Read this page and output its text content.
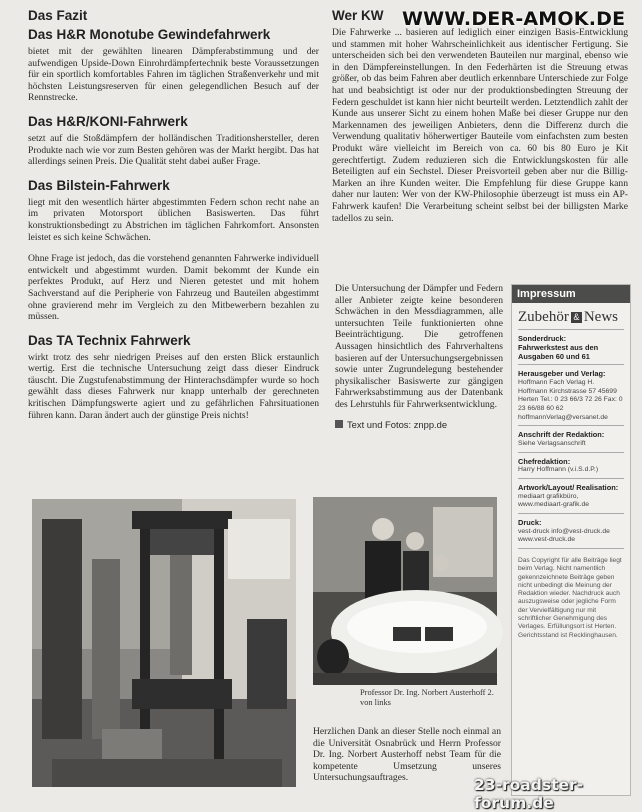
Das Fazit
Das H&R Monotube Gewindefahrwerk

bietet mit der gewählten linearen Dämpferabstimmung und der aufwendigen Upside-Down Einrohrdämpfertechnik beste Voraussetzungen für ein sportlich komfortables Fahren im täglichen Straßenverkehr und mit höchsten Leistungsreserven für einen gelegendlichen Besuch auf der Rennstrecke.

Das H&R/KONI-Fahrwerk

setzt auf die Stoßdämpfern der holländischen Traditionshersteller, deren Produkte nach wie vor zum Besten gehören was der Markt hergibt. Das hat allerdings seinen Preis. Die Qualität steht dabei außer Frage.

Das Bilstein-Fahrwerk

liegt mit den wesentlich härter abgestimmten Federn schon recht nahe an im privaten Motorsport üblichen Basiswerten. Das führt konstruktionsbedingt zu Abstrichen im täglichen Fahrkomfort. Ansonsten leistet es sich keine Schwächen.

Ohne Frage ist jedoch, das die vorstehend genannten Fahrwerke individuell entwickelt und abgestimmt wurden. Damit bekommt der Kunde ein perfektes Produkt, auf Herz und Nieren getestet und mit hohem Sachverstand auf die Peripherie von Fahrzeug und Bauteilen abgestimmt ohne gravierend mehr im Vergleich zu den Mitbewerbern bezahlen zu müssen.

Das TA Technix Fahrwerk

wirkt trotz des sehr niedrigen Preises auf den ersten Blick erstaunlich wertig. Erst die technische Untersuchung zeigt dass dieser Eindruck täuscht. Die Zugstufenabstimmung der Hinterachsdämpfer wurde so hoch gewählt dass dieses Fahrwerk nur knapp unterhalb der gerechneten kritischen Dämpfungswerte agiert und zu gefährlichen Fahrsituationen führen kann. Daran ändert auch der günstige Preis nichts!

Wer KW

Die Fahrwerke ... basieren auf lediglich einer einzigen Basis-Entwicklung und stammen mit hoher Wahrscheinlichkeit aus identischer Fertigung. Sie unterscheiden sich bei den verwendeten Bauteilen nur marginal, ebenso wie in den Dämpfereinstellungen. In den Federhärten ist die Streuung etwas größer, ob das beim Fahren aber deutlich erkennbare Unterschiede zur Folge hat und beabsichtigt ist oder nur der produktionsbedingten Streuung der Federn geschuldet ist kann hier nicht beurteilt werden. Letztendlich zahlt der Kunde aus unserer Sicht zu einem hohen Maße bei dieser Gruppe nur den Markennamen des jeweiligen Anbieters, denn die Differenz durch die Verwendung qualitativ höherwertiger Bauteile vom einfachsten zum besten Produkt wäre vielleicht im Bereich von ca. 60 bis 80 Euro je Kit gerechtfertigt. Zudem reduzieren sich die Entwicklungskosten für alle Beteiligten auf ein Sechstel. Dieser Preisvorteil geben aber nur die Billig-Marken an ihre Kunden weiter. Die Empfehlung für diese Gruppe kann daher nur lauten: Wer von der KW-Philosophie überzeugt ist muss ein AP-Fahrwerk kaufen! Die Verarbeitung scheint selbst bei der billigsten Marke tadellos zu sein.

WWW.DER-AMOK.DE

Die Untersuchung der Dämpfer und Federn aller Anbieter zeigte keine besonderen Schwächen in den Messdiagrammen, alle untersuchten Teile funktionierten ohne Beeinträchtigung. Die getroffenen Aussagen hinsichtlich des Fahrverhaltens basieren auf der Untersuchungsergebnissen sowie unter Zugrundelegung bestehender physikalischer Basiswerte zur gängigen Fahrwerksabstimmung aus der Datenbank des Lehrstuhls für Fahrwerksentwicklung.

Text und Fotos: znpp.de
Impressum
Zubehör & News
Sonderdruck:
Fahrwerkstest aus den Ausgaben 60 und 61
Herausgeber und Verlag:
Hoffmann Fach Verlag H. Hoffmann Kirchstrasse 57 45699 Herten Tel.: 0 23 66/3 72 26 Fax: 0 23 66/88 60 62 hoffmannVerlag@versanet.de
Anschrift der Redaktion:
Siehe Verlagsanschrift
Chefredaktion:
Harry Hoffmann (v.i.S.d.P.)
Artwork/Layout/ Realisation:
mediaart grafikbüro, www.mediaart-grafik.de
Druck:
vest-druck info@vest-druck.de www.vest-druck.de
Das Copyright für alle Beiträge liegt beim Verlag. Nicht namentlich gekennzeichnete Beiträge geben nicht unbedingt die Meinung der Redaktion wieder. Nachdruck auch auszugsweise oder jegliche Form der Vervielfältigung nur mit schriftlicher Genehmigung des Verlages. Erfüllungsort ist Herten. Gerichtsstand ist Recklinghausen.
Professor Dr. Ing. Norbert Austerhoff 2. von links

Herzlichen Dank an dieser Stelle noch einmal an die Universität Osnabrück und Herrn Professor Dr. Ing. Norbert Austerhoff nebst Team für die kompetente Umsetzung unseres Untersuchungsauftrages.	23-roadster-forum.de
